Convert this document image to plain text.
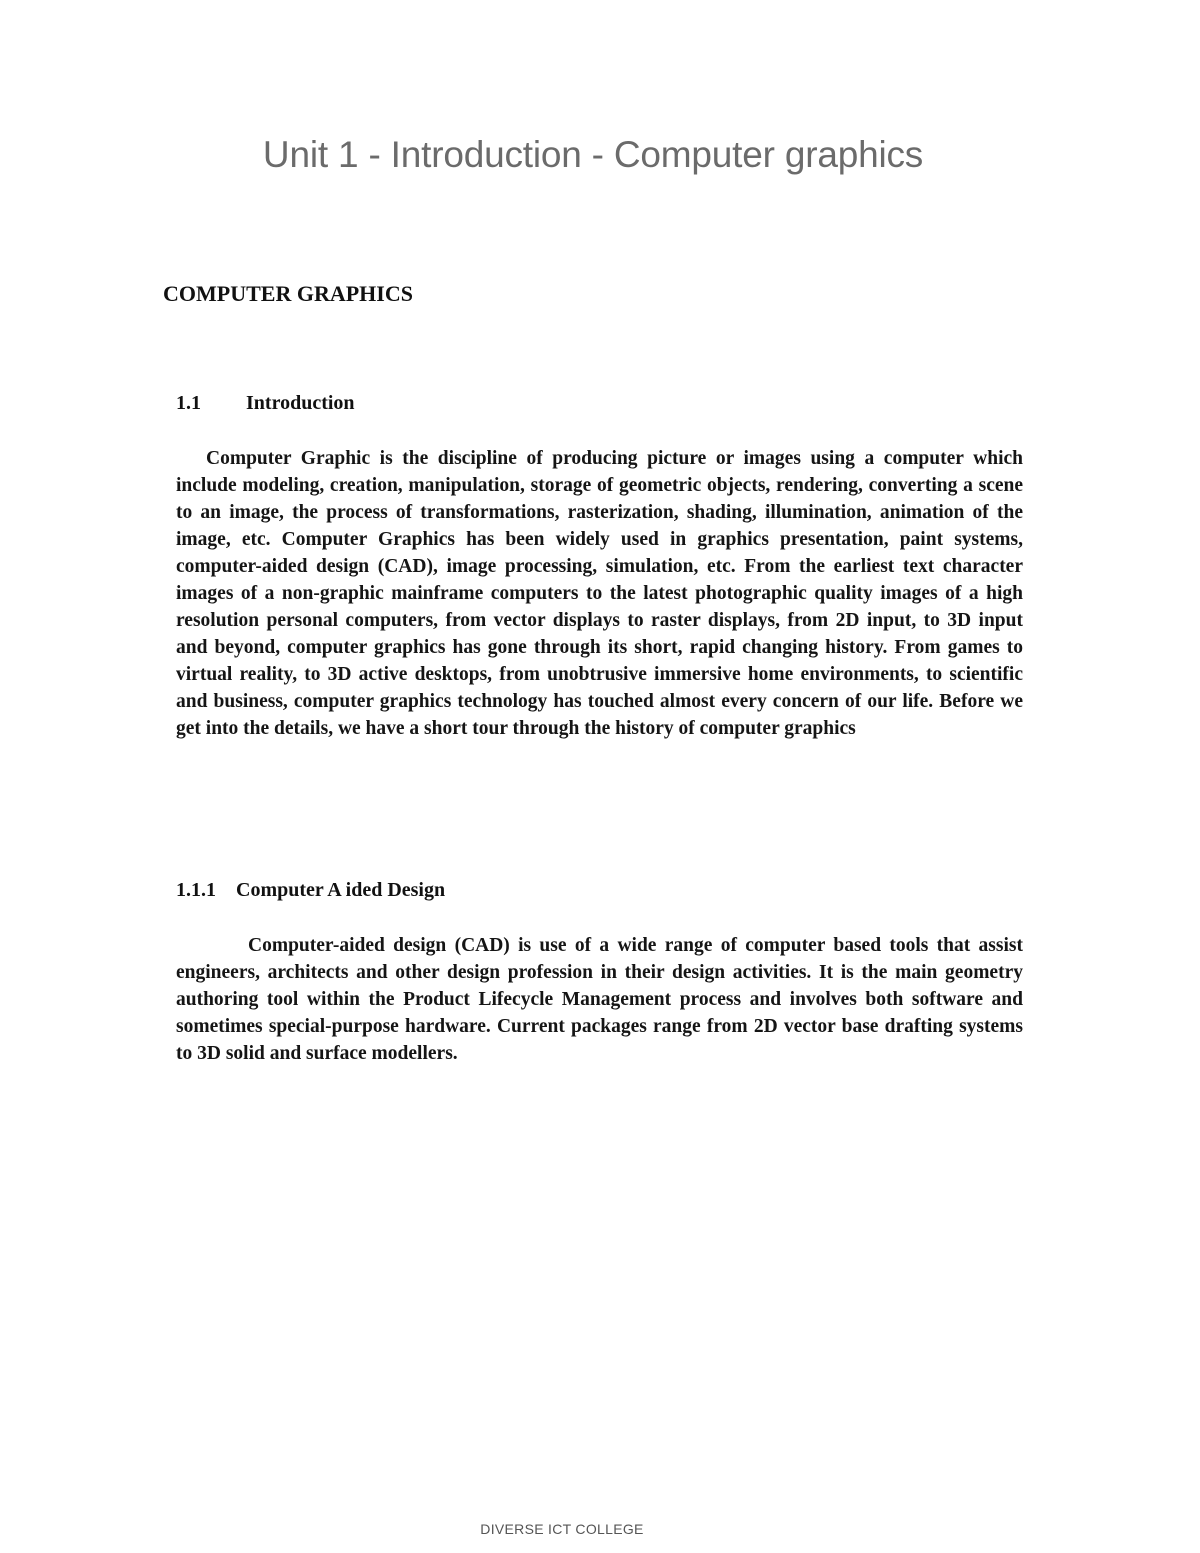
Unit 1 - Introduction - Computer graphics
COMPUTER GRAPHICS
1.1 Introduction

Computer Graphic is the discipline of producing picture or images using a computer which include modeling, creation, manipulation, storage of geometric objects, rendering, converting a scene to an image, the process of transformations, rasterization, shading, illumination, animation of the image, etc. Computer Graphics has been widely used in graphics presentation, paint systems, computer-aided design (CAD), image processing, simulation, etc. From the earliest text character images of a non-graphic mainframe computers to the latest photographic quality images of a high resolution personal computers, from vector displays to raster displays, from 2D input, to 3D input and beyond, computer graphics has gone through its short, rapid changing history. From games to virtual reality, to 3D active desktops, from unobtrusive immersive home environments, to scientific and business, computer graphics technology has touched almost every concern of our life. Before we get into the details, we have a short tour through the history of computer graphics

1.1.1 Computer A ided Design

Computer-aided design (CAD) is use of a wide range of computer based tools that assist engineers, architects and other design profession in their design activities. It is the main geometry authoring tool within the Product Lifecycle Management process and involves both software and sometimes special-purpose hardware. Current packages range from 2D vector base drafting systems to 3D solid and surface modellers.

DIVERSE ICT COLLEGE
